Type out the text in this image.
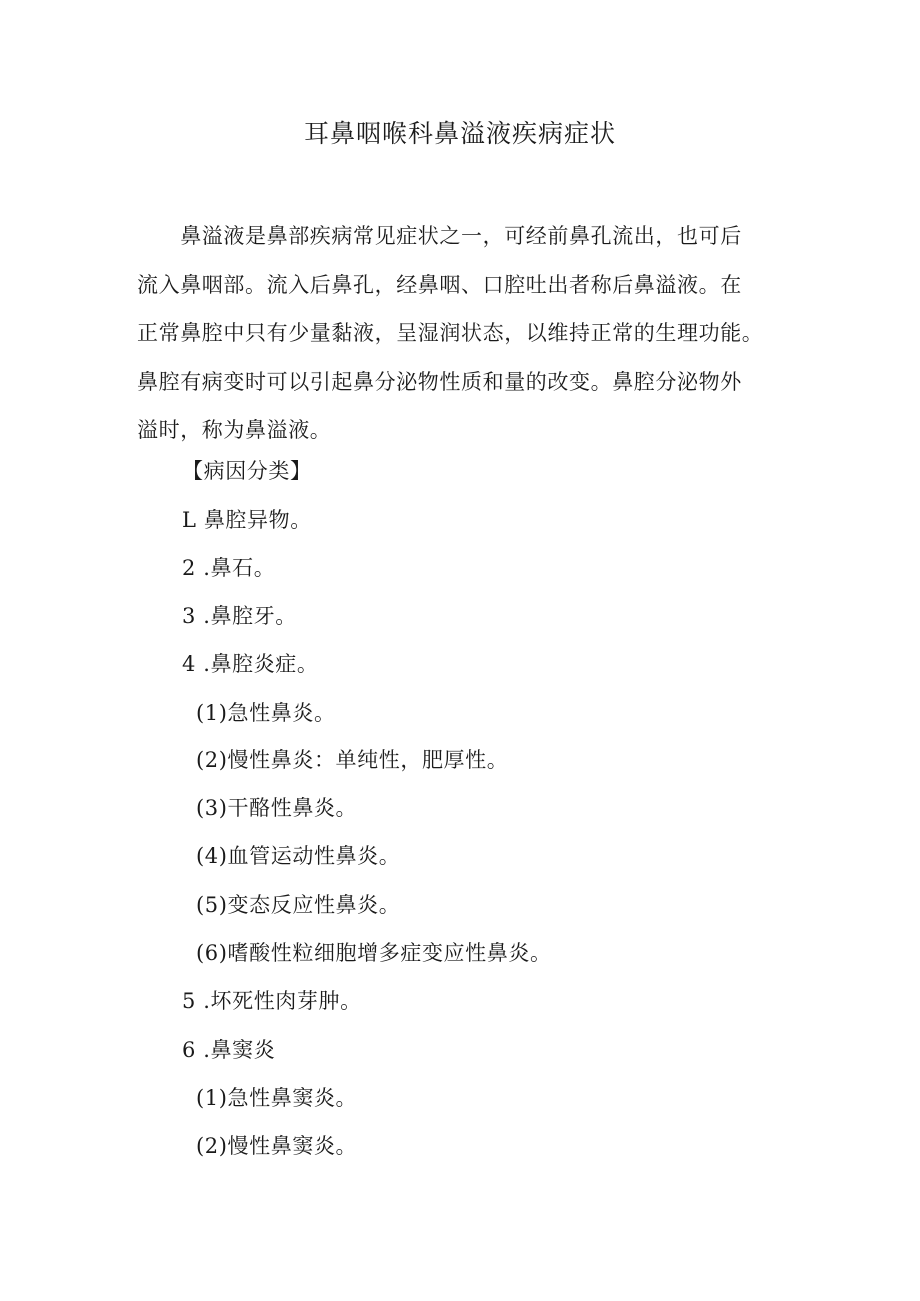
耳鼻咽喉科鼻溢液疾病症状
　　鼻溢液是鼻部疾病常见症状之一，可经前鼻孔流出，也可后
流入鼻咽部。流入后鼻孔，经鼻咽、口腔吐出者称后鼻溢液。在
正常鼻腔中只有少量黏液，呈湿润状态，以维持正常的生理功能。
鼻腔有病变时可以引起鼻分泌物性质和量的改变。鼻腔分泌物外
溢时，称为鼻溢液。
【病因分类】
L 鼻腔异物。
2 .鼻石。
3 .鼻腔牙。
4 .鼻腔炎症。
(1)急性鼻炎。
(2)慢性鼻炎：单纯性，肥厚性。
(3)干酪性鼻炎。
(4)血管运动性鼻炎。
(5)变态反应性鼻炎。
(6)嗜酸性粒细胞增多症变应性鼻炎。
5 .坏死性肉芽肿。
6 .鼻窦炎
(1)急性鼻窦炎。
(2)慢性鼻窦炎。
